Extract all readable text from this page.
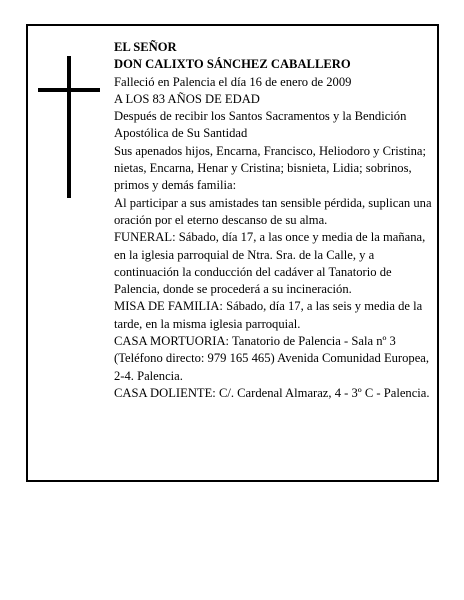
EL SEÑOR

DON CALIXTO SÁNCHEZ CABALLERO

Falleció en Palencia el día 16 de enero de 2009

A LOS 83 AÑOS DE EDAD

Después de recibir los Santos Sacramentos y la Bendición Apostólica de Su Santidad

Sus apenados hijos, Encarna, Francisco, Heliodoro y Cristina; nietas, Encarna, Henar y Cristina; bisnieta, Lidia; sobrinos, primos y demás familia:

Al participar a sus amistades tan sensible pérdida, suplican una oración por el eterno descanso de su alma.

FUNERAL: Sábado, día 17, a las once y media de la mañana, en la iglesia parroquial de Ntra. Sra. de la Calle, y a continuación la conducción del cadáver al Tanatorio de Palencia, donde se procederá a su incineración.

MISA DE FAMILIA: Sábado, día 17, a las seis y media de la tarde, en la misma iglesia parroquial.

CASA MORTUORIA: Tanatorio de Palencia - Sala nº 3 (Teléfono directo: 979 165 465) Avenida Comunidad Europea, 2-4. Palencia.

CASA DOLIENTE: C/. Cardenal Almaraz, 4 - 3º C - Palencia.
